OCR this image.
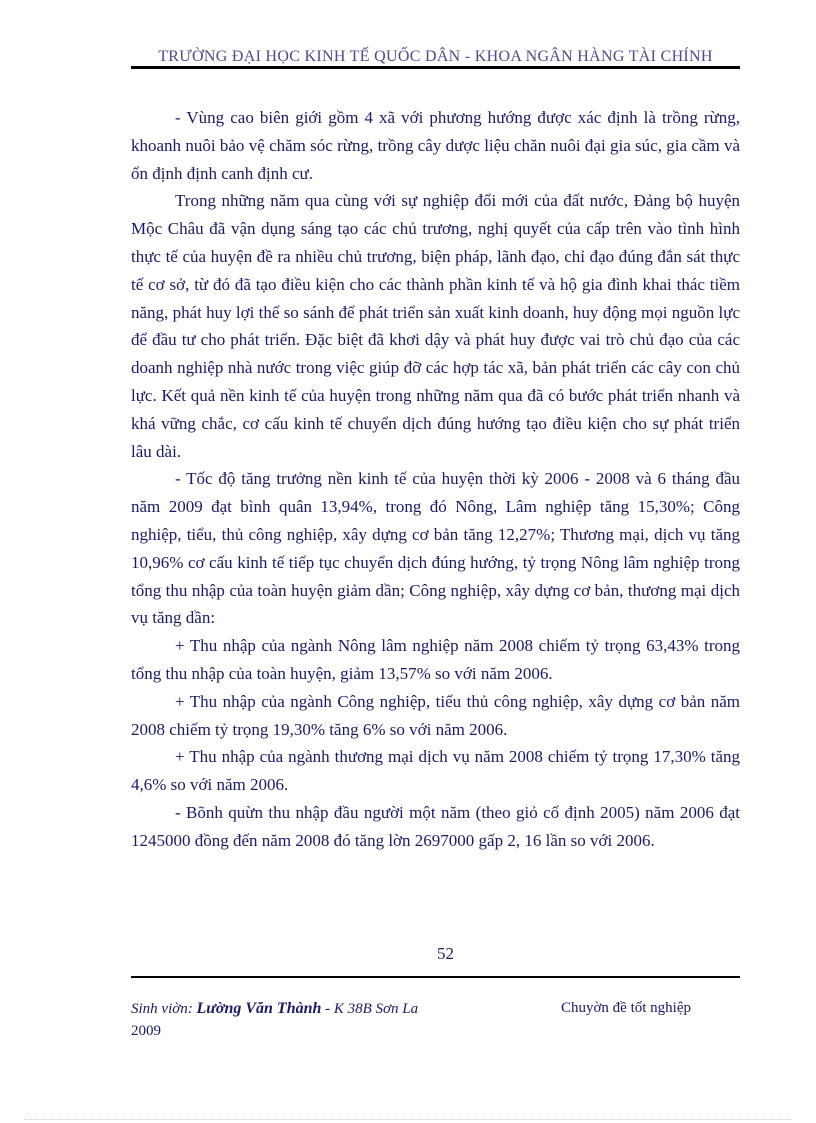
TRƯỜNG ĐẠI HỌC KINH TẾ QUỐC DÂN - KHOA NGÂN HÀNG TÀI CHÍNH

- Vùng cao biên giới gồm 4 xã với phương hướng được xác định là trồng rừng, khoanh nuôi bảo vệ chăm sóc rừng, trồng cây dược liệu chăn nuôi đại gia súc, gia cầm và ổn định định canh định cư.

Trong những năm qua cùng với sự nghiệp đổi mới của đất nước, Đảng bộ huyện Mộc Châu đã vận dụng sáng tạo các chủ trương, nghị quyết của cấp trên vào tình hình thực tế của huyện đề ra nhiều chủ trương, biện pháp, lãnh đạo, chỉ đạo đúng đắn sát thực tế cơ sở, từ đó đã tạo điều kiện cho các thành phần kinh tế và hộ gia đình khai thác tiềm năng, phát huy lợi thế so sánh để phát triển sản xuất kinh doanh, huy động mọi nguồn lực để đầu tư cho phát triển. Đặc biệt đã khơi dậy và phát huy được vai trò chủ đạo của các doanh nghiệp nhà nước trong việc giúp đỡ các hợp tác xã, bản phát triển các cây con chủ lực. Kết quả nền kinh tế của huyện trong những năm qua đã có bước phát triển nhanh và khá vững chắc, cơ cấu kinh tế chuyển dịch đúng hướng tạo điều kiện cho sự phát triển lâu dài.

- Tốc độ tăng trưởng nền kinh tế của huyện thời kỳ 2006 - 2008 và 6 tháng đầu năm 2009 đạt bình quân 13,94%, trong đó Nông, Lâm nghiệp tăng 15,30%; Công nghiệp, tiểu, thủ công nghiệp, xây dựng cơ bản tăng 12,27%; Thương mại, dịch vụ tăng 10,96% cơ cấu kinh tế tiếp tục chuyển dịch đúng hướng, tỷ trọng Nông lâm nghiệp trong tổng thu nhập của toàn huyện giảm dần; Công nghiệp, xây dựng cơ bản, thương mại dịch vụ tăng dần:

+ Thu nhập của ngành Nông lâm nghiệp năm 2008 chiếm tỷ trọng 63,43% trong tổng thu nhập của toàn huyện, giảm 13,57% so với năm 2006.

+ Thu nhập của ngành Công nghiệp, tiểu thủ công nghiệp, xây dựng cơ bản năm 2008 chiếm tỷ trọng 19,30% tăng 6% so với năm 2006.

+ Thu nhập của ngành thương mại dịch vụ năm 2008 chiếm tỷ trọng 17,30% tăng 4,6% so với năm 2006.

- Bõnh quừn thu nhập đầu người một năm (theo giỏ cố định 2005) năm 2006 đạt 1245000 đồng đến năm 2008 đó tăng lờn 2697000 gấp 2, 16 lần so với 2006.

52
Sinh viờn: Lường Văn Thành - K 38B Sơn La
2009
Chuyờn đề tốt nghiệp
